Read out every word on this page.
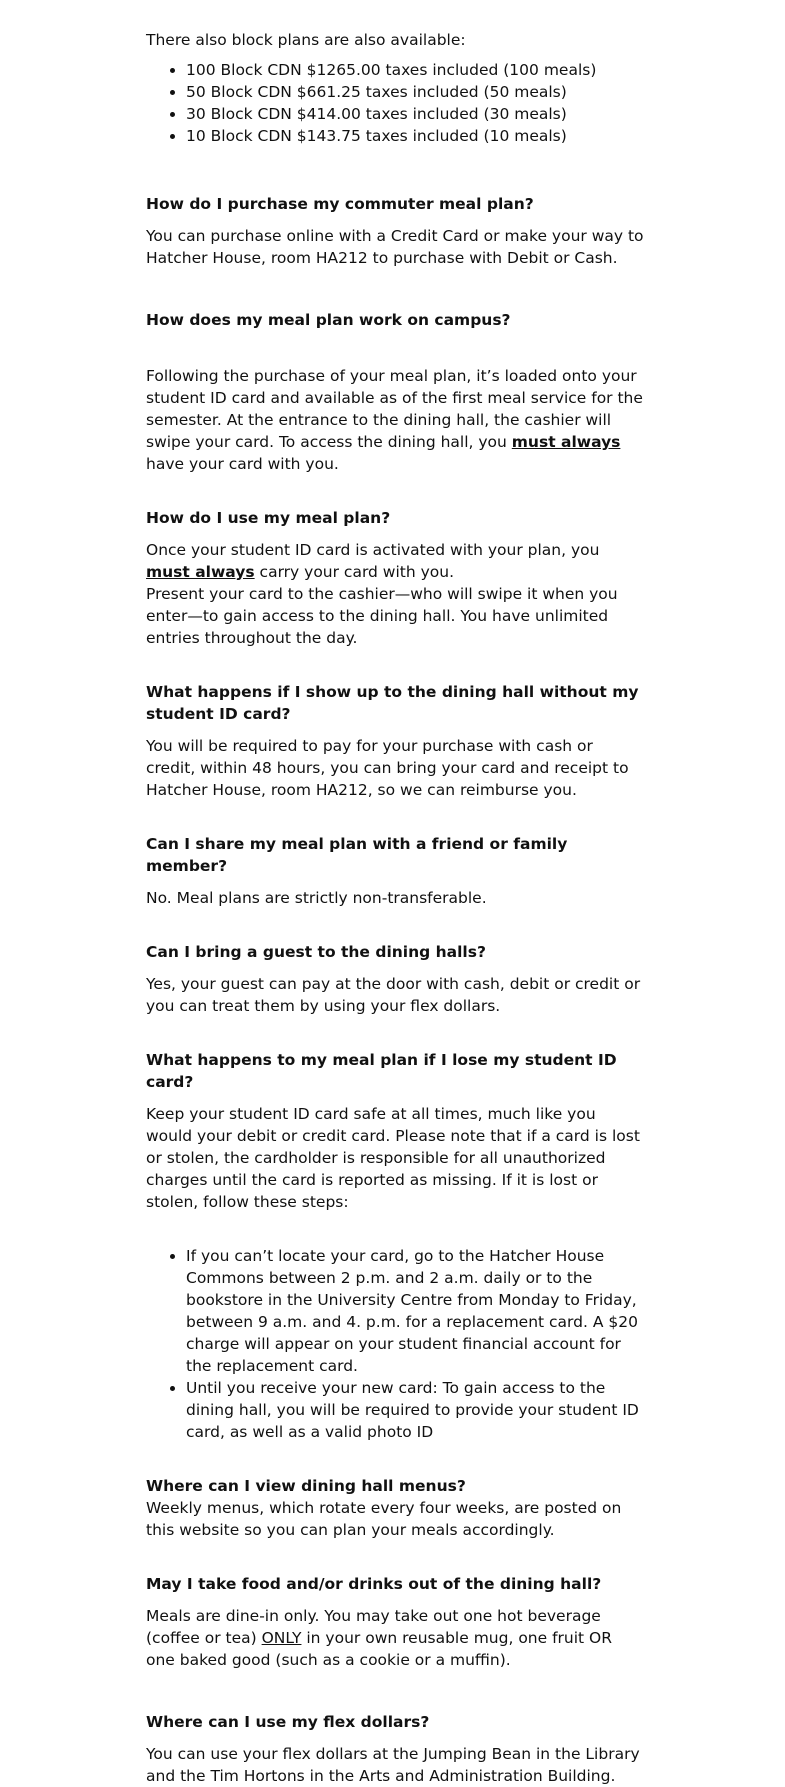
There also block plans are also available:

• 100 Block CDN $1265.00 taxes included (100 meals)
• 50 Block CDN $661.25 taxes included (50 meals)
• 30 Block CDN $414.00 taxes included (30 meals)
• 10 Block CDN $143.75 taxes included (10 meals)
How do I purchase my commuter meal plan?

You can purchase online with a Credit Card or make your way to Hatcher House, room HA212 to purchase with Debit or Cash.

How does my meal plan work on campus?

Following the purchase of your meal plan, it’s loaded onto your student ID card and available as of the first meal service for the semester. At the entrance to the dining hall, the cashier will swipe your card. To access the dining hall, you must always have your card with you.

How do I use my meal plan?

Once your student ID card is activated with your plan, you must always carry your card with you.

Present your card to the cashier—who will swipe it when you enter—to gain access to the dining hall. You have unlimited entries throughout the day.

What happens if I show up to the dining hall without my student ID card?

You will be required to pay for your purchase with cash or credit, within 48 hours, you can bring your card and receipt to Hatcher House, room HA212, so we can reimburse you.

Can I share my meal plan with a friend or family member?

No. Meal plans are strictly non-transferable.

Can I bring a guest to the dining halls?

Yes, your guest can pay at the door with cash, debit or credit or you can treat them by using your flex dollars.

What happens to my meal plan if I lose my student ID card?

Keep your student ID card safe at all times, much like you would your debit or credit card. Please note that if a card is lost or stolen, the cardholder is responsible for all unauthorized charges until the card is reported as missing. If it is lost or stolen, follow these steps:

• If you can’t locate your card, go to the Hatcher House Commons between 2 p.m. and 2 a.m. daily or to the bookstore in the University Centre from Monday to Friday, between 9 a.m. and 4. p.m. for a replacement card. A $20 charge will appear on your student financial account for the replacement card.
• Until you receive your new card: To gain access to the dining hall, you will be required to provide your student ID card, as well as a valid photo ID
Where can I view dining hall menus?

Weekly menus, which rotate every four weeks, are posted on this website so you can plan your meals accordingly.

May I take food and/or drinks out of the dining hall?

Meals are dine-in only. You may take out one hot beverage (coffee or tea) ONLY in your own reusable mug, one fruit OR one baked good (such as a cookie or a muffin).

Where can I use my flex dollars?

You can use your flex dollars at the Jumping Bean in the Library and the Tim Hortons in the Arts and Administration Building.
